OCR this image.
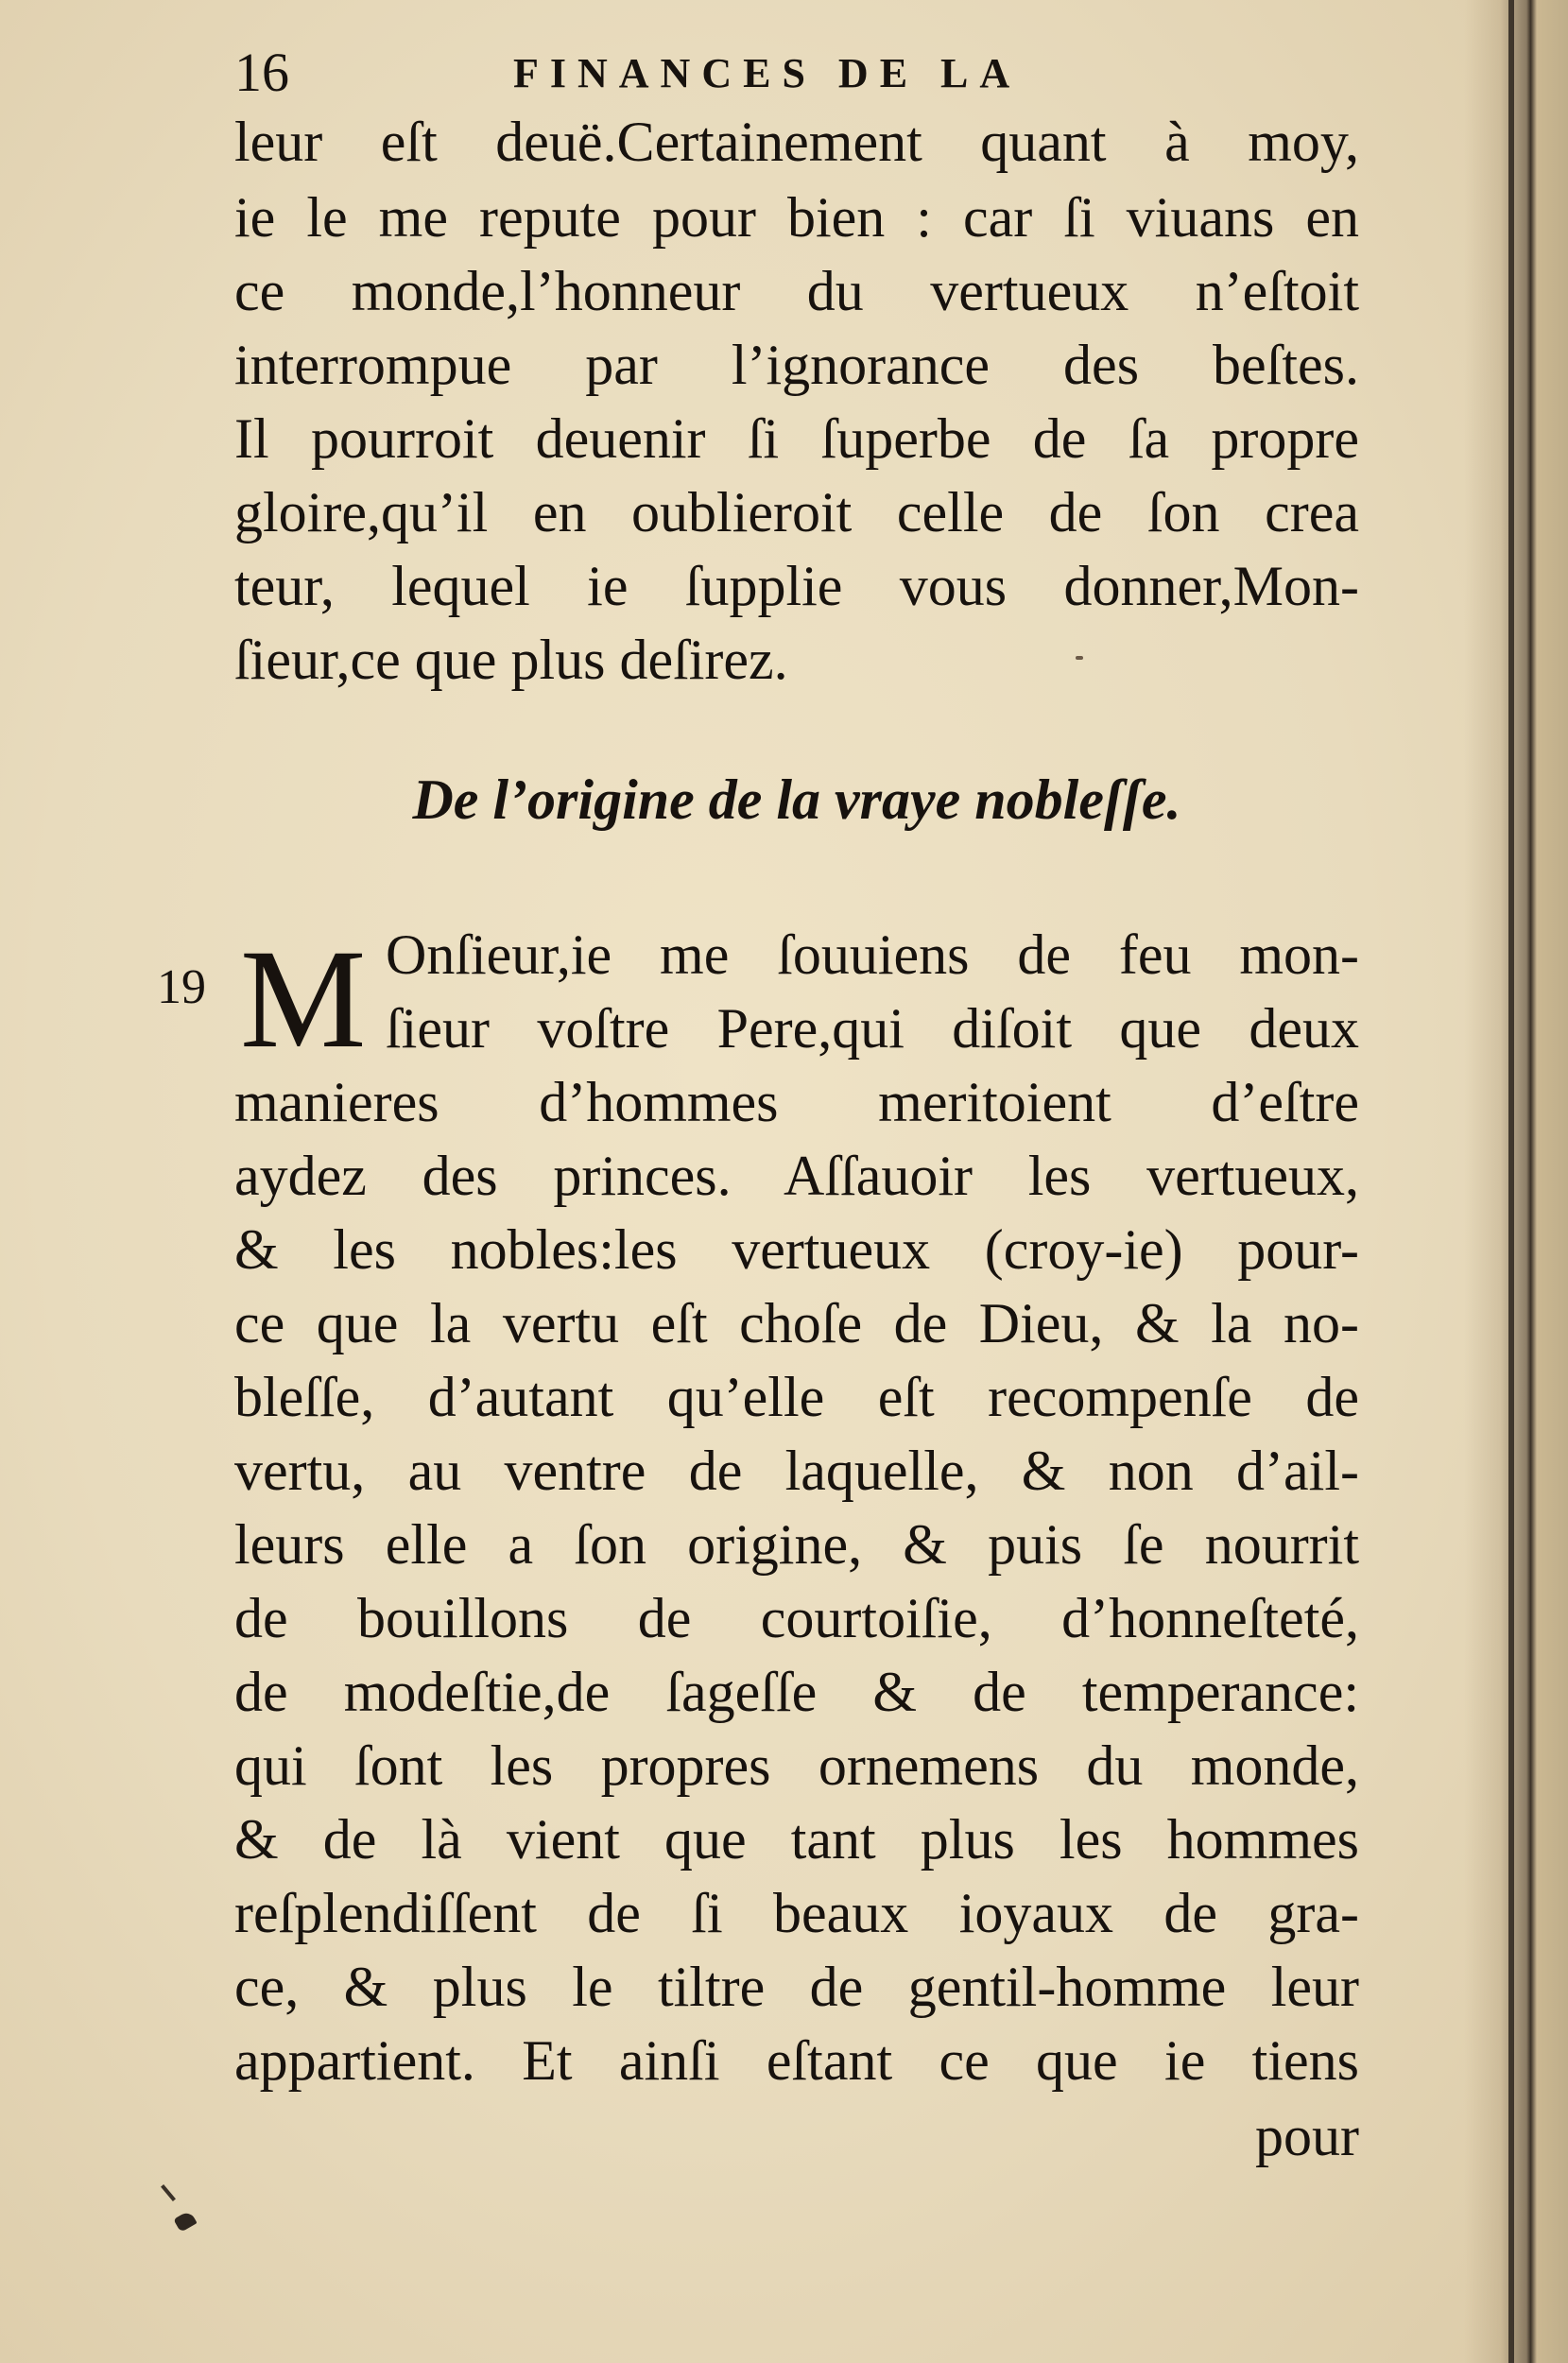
16	FINANCES DE LA
leur eſt deuë.Certainement quant à moy,
ie le me repute pour bien : car ſi viuans en
ce monde,l’honneur du vertueux n’eſtoit
interrompue par l’ignorance des beſtes.
Il pourroit deuenir ſi ſuperbe de ſa propre
gloire,qu’il en oublieroit celle de ſon crea
teur, lequel ie ſupplie vous donner,Mon-
ſieur,ce que plus deſirez.
De l’origine de la vraye nobleſſe.
19 M Onſieur,ie me ſouuiens de feu mon-
ſieur voſtre Pere,qui diſoit que deux
manieres d’hommes meritoient d’eſtre
aydez des princes. Aſſauoir les vertueux,
& les nobles:les vertueux (croy-ie) pour-
ce que la vertu eſt choſe de Dieu, & la no-
bleſſe, d’autant qu’elle eſt recompenſe de
vertu, au ventre de laquelle, & non d’ail-
leurs elle a ſon origine, & puis ſe nourrit
de bouillons de courtoiſie, d’honneſteté,
de modeſtie,de ſageſſe & de temperance:
qui ſont les propres ornemens du monde,
& de là vient que tant plus les hommes
reſplendiſſent de ſi beaux ioyaux de gra-
ce, & plus le tiltre de gentil-homme leur
appartient. Et ainſi eſtant ce que ie tiens
pour
